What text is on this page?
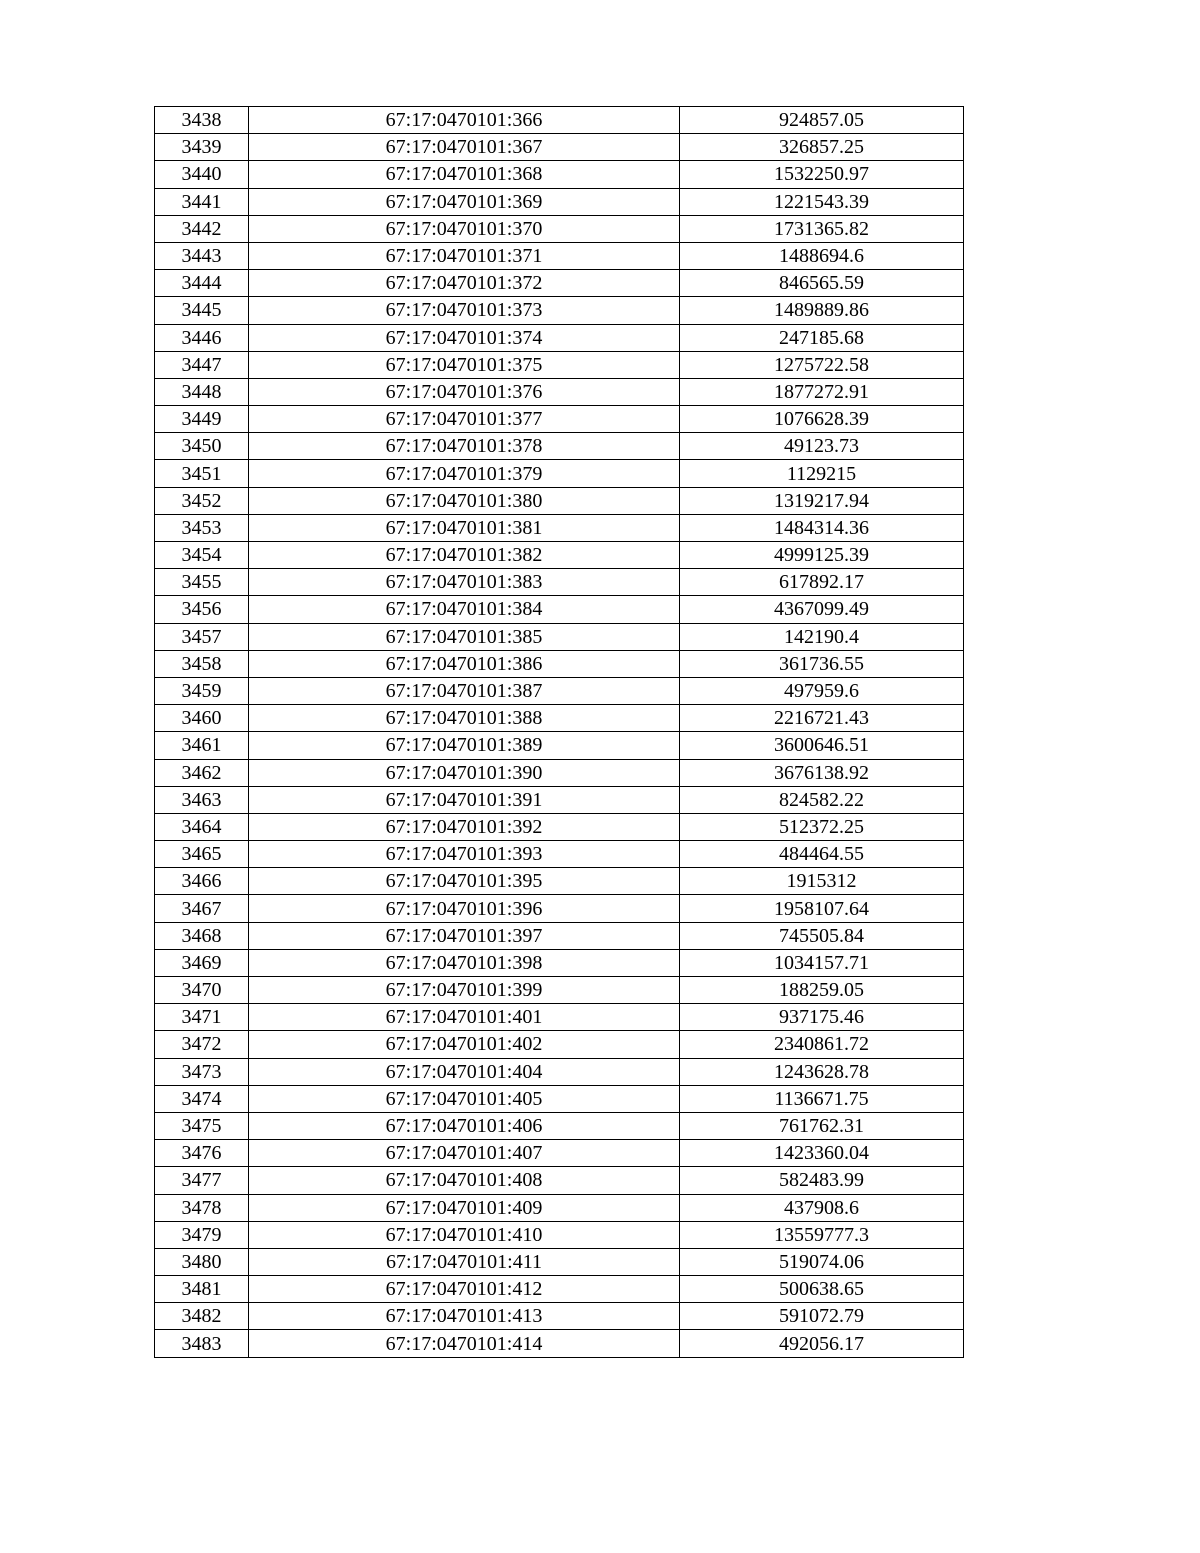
3438	67:17:0470101:366	924857.05
3439	67:17:0470101:367	326857.25
3440	67:17:0470101:368	1532250.97
3441	67:17:0470101:369	1221543.39
3442	67:17:0470101:370	1731365.82
3443	67:17:0470101:371	1488694.6
3444	67:17:0470101:372	846565.59
3445	67:17:0470101:373	1489889.86
3446	67:17:0470101:374	247185.68
3447	67:17:0470101:375	1275722.58
3448	67:17:0470101:376	1877272.91
3449	67:17:0470101:377	1076628.39
3450	67:17:0470101:378	49123.73
3451	67:17:0470101:379	1129215
3452	67:17:0470101:380	1319217.94
3453	67:17:0470101:381	1484314.36
3454	67:17:0470101:382	4999125.39
3455	67:17:0470101:383	617892.17
3456	67:17:0470101:384	4367099.49
3457	67:17:0470101:385	142190.4
3458	67:17:0470101:386	361736.55
3459	67:17:0470101:387	497959.6
3460	67:17:0470101:388	2216721.43
3461	67:17:0470101:389	3600646.51
3462	67:17:0470101:390	3676138.92
3463	67:17:0470101:391	824582.22
3464	67:17:0470101:392	512372.25
3465	67:17:0470101:393	484464.55
3466	67:17:0470101:395	1915312
3467	67:17:0470101:396	1958107.64
3468	67:17:0470101:397	745505.84
3469	67:17:0470101:398	1034157.71
3470	67:17:0470101:399	188259.05
3471	67:17:0470101:401	937175.46
3472	67:17:0470101:402	2340861.72
3473	67:17:0470101:404	1243628.78
3474	67:17:0470101:405	1136671.75
3475	67:17:0470101:406	761762.31
3476	67:17:0470101:407	1423360.04
3477	67:17:0470101:408	582483.99
3478	67:17:0470101:409	437908.6
3479	67:17:0470101:410	13559777.3
3480	67:17:0470101:411	519074.06
3481	67:17:0470101:412	500638.65
3482	67:17:0470101:413	591072.79
3483	67:17:0470101:414	492056.17
